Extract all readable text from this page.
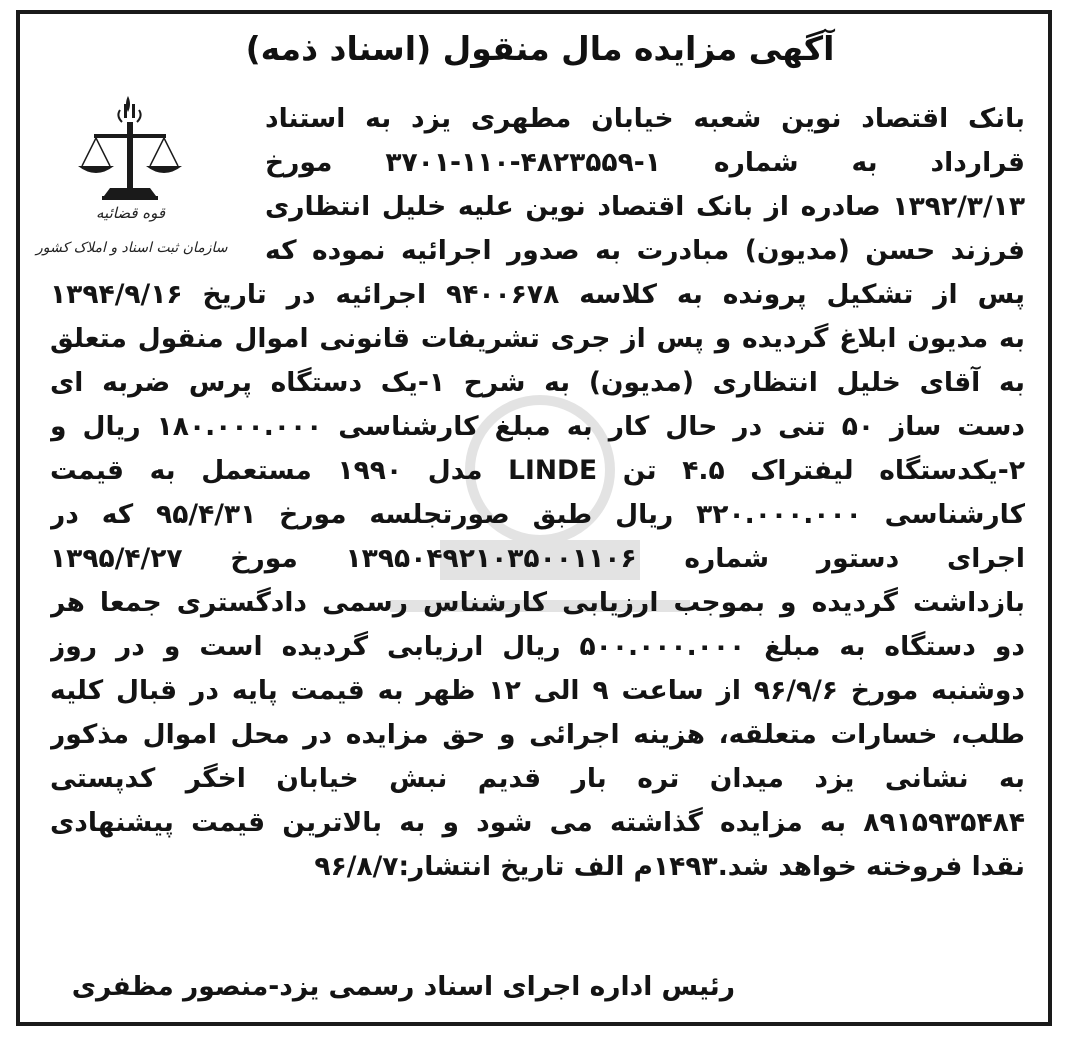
آگهی مزایده مال منقول (اسناد ذمه)
قوه قضائیه
سازمان ثبت اسناد و املاک کشور
بانک اقتصاد نوین شعبه خیابان مطهری یزد به استناد
قرارداد به شماره ۱-۴۸۲۳۵۵۹-۱۱۰-۳۷۰۱ مورخ
۱۳۹۲/۳/۱۳ صادره از بانک اقتصاد نوین علیه خلیل انتظاری
فرزند حسن (مدیون) مبادرت به صدور اجرائیه نموده که
پس از تشکیل پرونده به کلاسه ۹۴۰۰۶۷۸ اجرائیه در تاریخ ۱۳۹۴/۹/۱۶
به مدیون ابلاغ گردیده و پس از جری تشریفات قانونی اموال منقول متعلق
به آقای خلیل انتظاری (مدیون) به شرح ۱-یک دستگاه پرس ضربه ای
دست ساز ۵۰ تنی در حال کار به مبلغ کارشناسی ۱۸۰.۰۰۰.۰۰۰ ریال و
۲-یکدستگاه لیفتراک ۴.۵ تن LINDE مدل ۱۹۹۰ مستعمل به قیمت
کارشناسی ۳۲۰.۰۰۰.۰۰۰ ریال طبق صورتجلسه مورخ ۹۵/۴/۳۱ که در
اجرای دستور شماره ۱۳۹۵۰۴۹۲۱۰۳۵۰۰۱۱۰۶ مورخ ۱۳۹۵/۴/۲۷
بازداشت گردیده و بموجب ارزیابی کارشناس رسمی دادگستری جمعا هر
دو دستگاه به مبلغ ۵۰۰.۰۰۰.۰۰۰ ریال ارزیابی گردیده است و در روز
دوشنبه مورخ ۹۶/۹/۶ از ساعت ۹ الی ۱۲ ظهر به قیمت پایه در قبال کلیه
طلب، خسارات متعلقه، هزینه اجرائی و حق مزایده در محل اموال مذکور
به نشانی یزد میدان تره بار قدیم نبش خیابان اخگر کدپستی
۸۹۱۵۹۳۵۴۸۴ به مزایده گذاشته می شود و به بالاترین قیمت پیشنهادی
نقدا فروخته خواهد شد.۱۴۹۳م الف تاریخ انتشار:۹۶/۸/۷
رئیس اداره اجرای اسناد رسمی یزد-منصور مظفری
